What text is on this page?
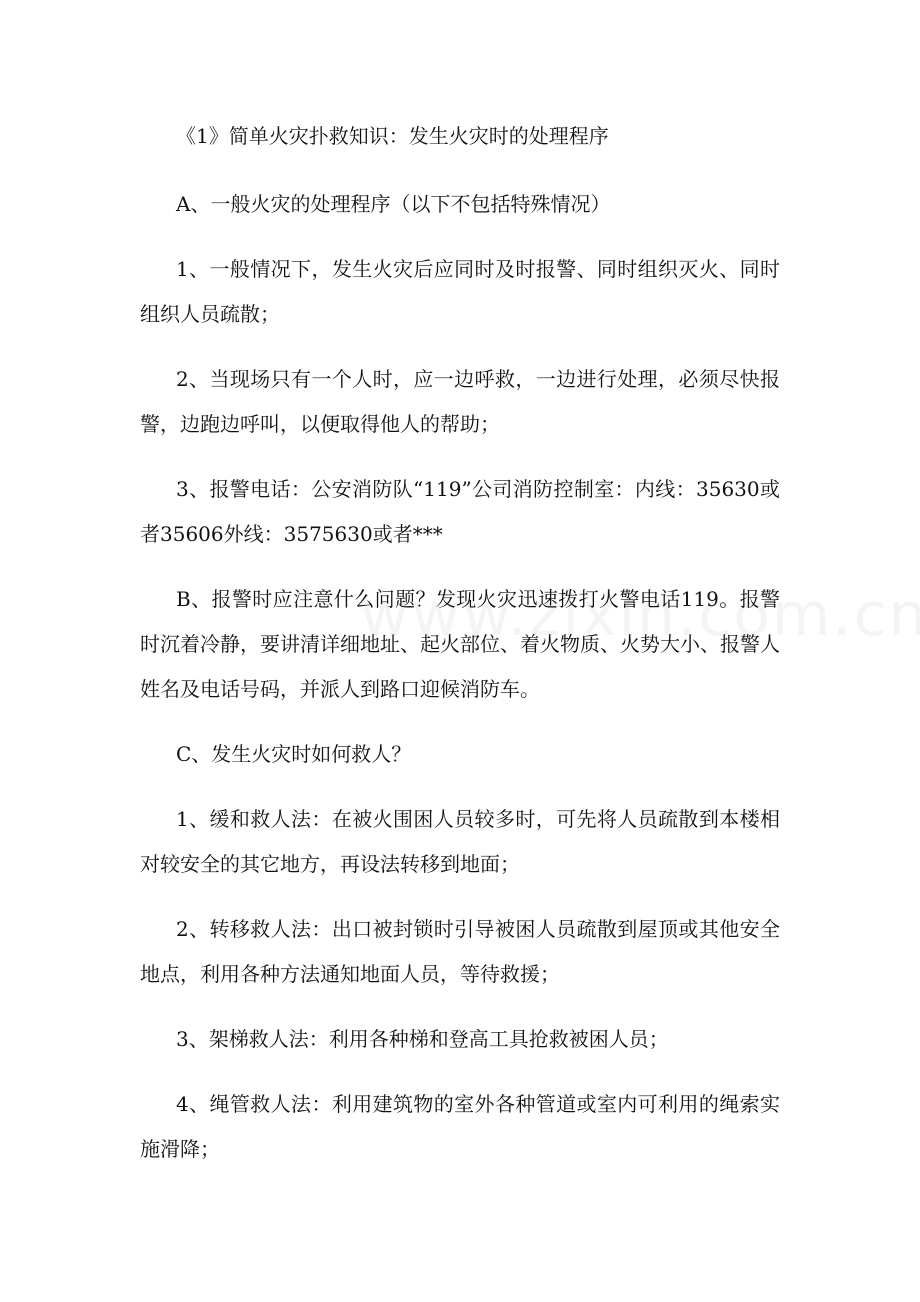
《1》简单火灾扑救知识：发生火灾时的处理程序

A、一般火灾的处理程序（以下不包括特殊情况）

1、一般情况下，发生火灾后应同时及时报警、同时组织灭火、同时组织人员疏散；

2、当现场只有一个人时，应一边呼救，一边进行处理，必须尽快报警，边跑边呼叫，以便取得他人的帮助；

3、报警电话：公安消防队“119”公司消防控制室：内线：35630或者35606外线：3575630或者***

B、报警时应注意什么问题？发现火灾迅速拨打火警电话119。报警时沉着冷静，要讲清详细地址、起火部位、着火物质、火势大小、报警人姓名及电话号码，并派人到路口迎候消防车。

C、发生火灾时如何救人？

1、缓和救人法：在被火围困人员较多时，可先将人员疏散到本楼相对较安全的其它地方，再设法转移到地面；

2、转移救人法：出口被封锁时引导被困人员疏散到屋顶或其他安全地点，利用各种方法通知地面人员，等待救援；

3、架梯救人法：利用各种梯和登高工具抢救被困人员；

4、绳管救人法：利用建筑物的室外各种管道或室内可利用的绳索实施滑降；
